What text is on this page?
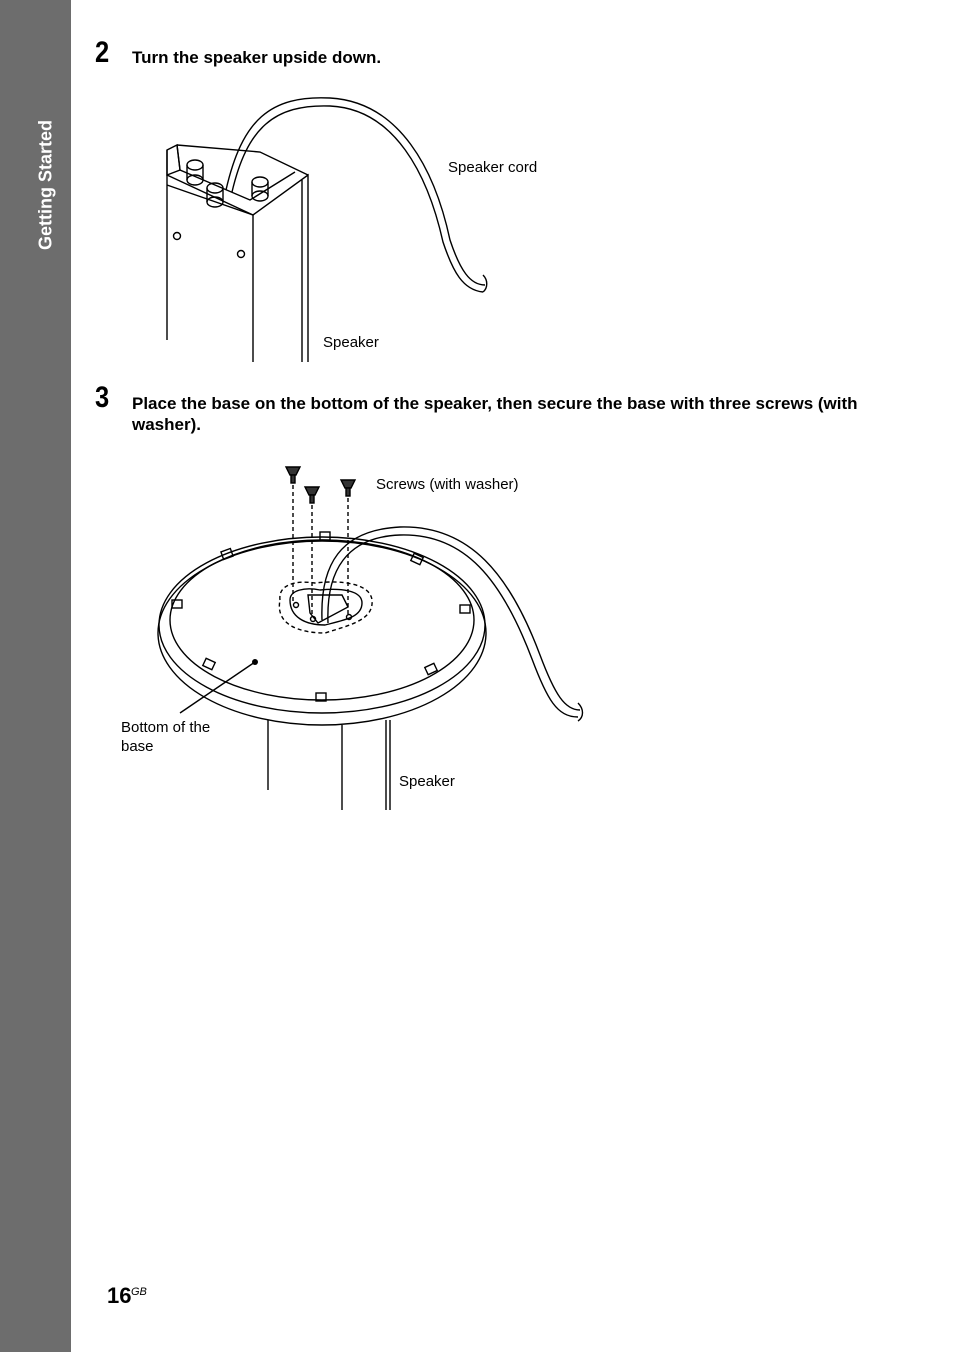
Getting Started
2 Turn the speaker upside down.
Speaker cord
Speaker
3 Place the base on the bottom of the speaker, then secure the base with three screws (with washer).
Screws (with washer)
Bottom of the
base
Speaker
16 GB
